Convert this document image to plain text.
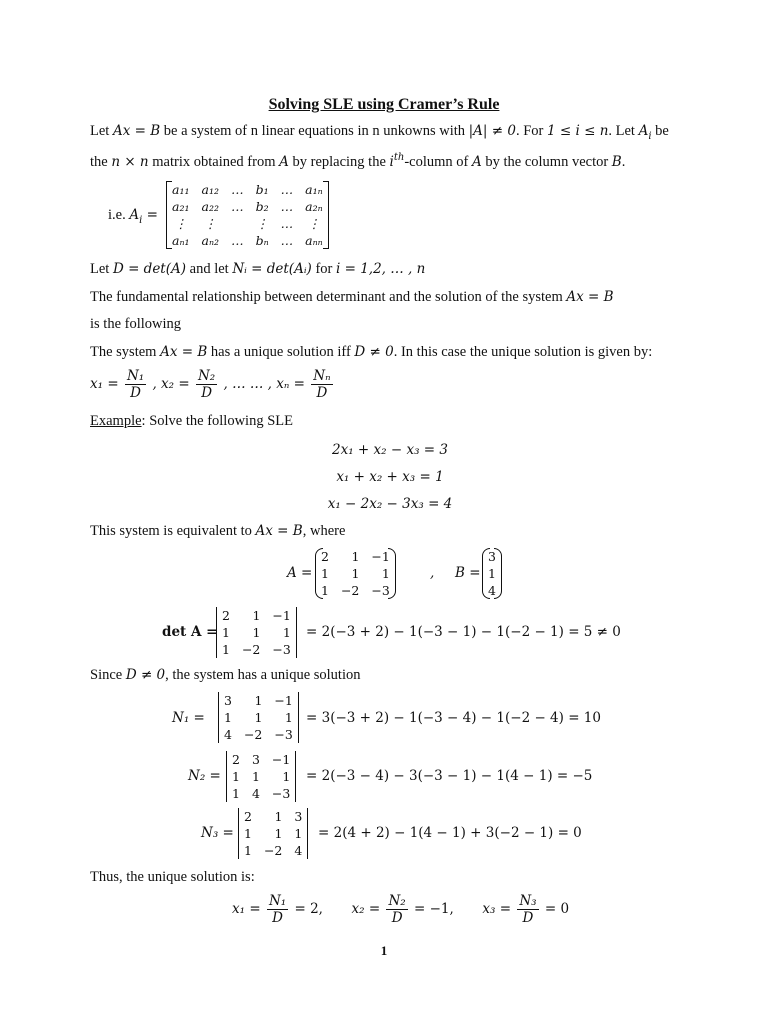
Solving SLE using Cramer’s Rule
Let Ax = B be a system of n linear equations in n unkowns with |A| ≠ 0. For 1 ≤ i ≤ n. Let $A_i$ be
the n × n matrix obtained from A by replacing the $i^{th}$-column of A by the column vector B.
i.e. $A_i$ =
a₁₁	a₁₂	…	b₁	…	a₁ₙ
a₂₁	a₂₂	…	b₂	…	a₂ₙ
⋮	⋮		⋮	…	⋮
aₙ₁	aₙ₂	…	bₙ	…	aₙₙ
Let D = det(A) and let Nᵢ = det(Aᵢ) for i = 1,2, … , n
The fundamental relationship between determinant and the solution of the system Ax = B
is the following
The system Ax = B has a unique solution iff D ≠ 0. In this case the unique solution is given by:
$x_1 = \frac{\text{N₁}}{D}$ , $x_2 = \frac{\text{N₂}}{D}$ , … … , $x_n = \frac{\text{Nₙ}}{D}$
Example: Solve the following SLE
2x₁ + x₂ − x₃ = 3
x₁ + x₂ + x₃ = 1
x₁ − 2x₂ − 3x₃ = 4
This system is equivalent to Ax = B, where
A =
2	1	−1
1	1	1
1	−2	−3
, B =
3
1
4
det A =
2	1	−1
1	1	1
1	−2	−3
= 2(−3 + 2) − 1(−3 − 1) − 1(−2 − 1) = 5 ≠ 0
Since D ≠ 0, the system has a unique solution
N₁ =
3	1	−1
1	1	1
4	−2	−3
= 3(−3 + 2) − 1(−3 − 4) − 1(−2 − 4) = 10
N₂ =
2	3	−1
1	1	1
1	4	−3
= 2(−3 − 4) − 3(−3 − 1) − 1(4 − 1) = −5
N₃ =
2	1	3
1	1	1
1	−2	4
= 2(4 + 2) − 1(4 − 1) + 3(−2 − 1) = 0
Thus, the unique solution is:
$x_1 = \frac{\text{N₁}}{D} = 2$, $x_2 = \frac{\text{N₂}}{D} = -1$, $x_3 = \frac{\text{N₃}}{D} = 0$
1
